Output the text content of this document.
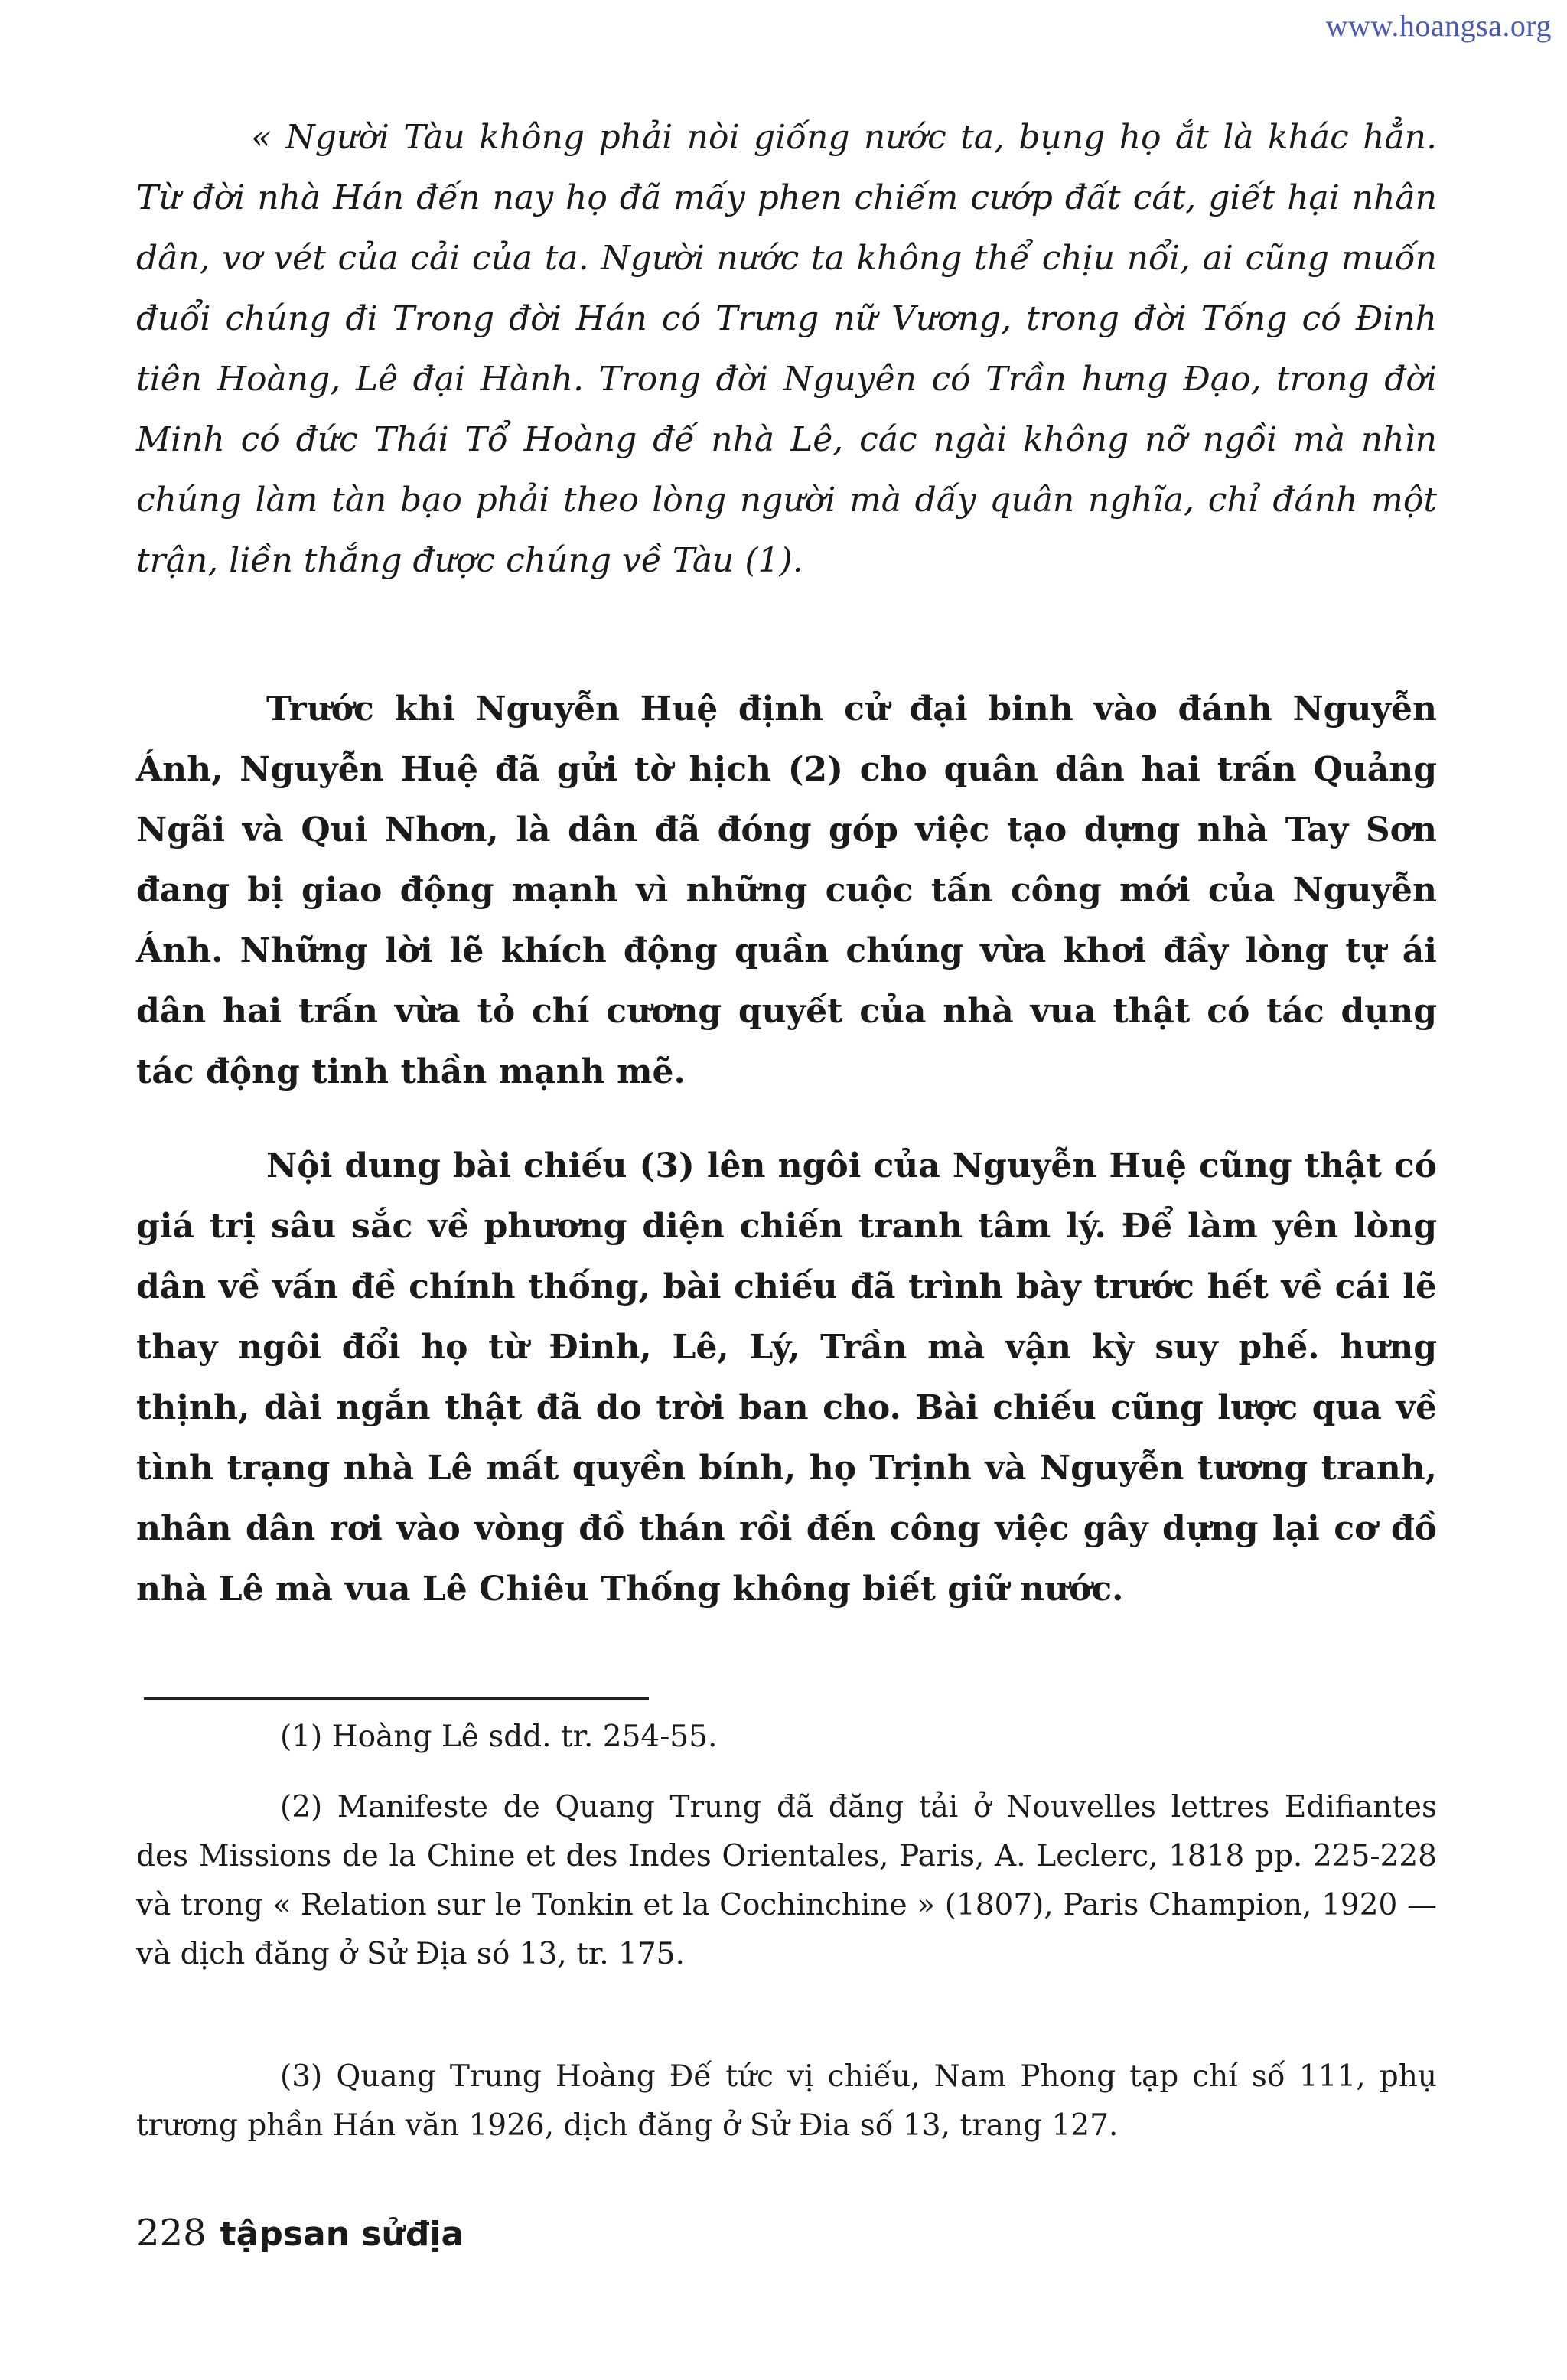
www.hoangsa.org

« Người Tàu không phải nòi giống nước ta, bụng họ ắt là khác hẳn. Từ đời nhà Hán đến nay họ đã mấy phen chiếm cướp đất cát, giết hại nhân dân, vơ vét của cải của ta. Người nước ta không thể chịu nổi, ai cũng muốn đuổi chúng đi Trong đời Hán có Trưng nữ Vương, trong đời Tống có Đinh tiên Hoàng, Lê đại Hành. Trong đời Nguyên có Trần hưng Đạo, trong đời Minh có đức Thái Tổ Hoàng đế nhà Lê, các ngài không nỡ ngồi mà nhìn chúng làm tàn bạo phải theo lòng người mà dấy quân nghĩa, chỉ đánh một trận, liền thắng được chúng về Tàu (1).

Trước khi Nguyễn Huệ định cử đại binh vào đánh Nguyễn Ánh, Nguyễn Huệ đã gửi tờ hịch (2) cho quân dân hai trấn Quảng Ngãi và Qui Nhơn, là dân đã đóng góp việc tạo dựng nhà Tay Sơn đang bị giao động mạnh vì những cuộc tấn công mới của Nguyễn Ánh. Những lời lẽ khích động quần chúng vừa khơi đầy lòng tự ái dân hai trấn vừa tỏ chí cương quyết của nhà vua thật có tác dụng tác động tinh thần mạnh mẽ.

Nội dung bài chiếu (3) lên ngôi của Nguyễn Huệ cũng thật có giá trị sâu sắc về phương diện chiến tranh tâm lý. Để làm yên lòng dân về vấn đề chính thống, bài chiếu đã trình bày trước hết về cái lẽ thay ngôi đổi họ từ Đinh, Lê, Lý, Trần mà vận kỳ suy phế. hưng thịnh, dài ngắn thật đã do trời ban cho. Bài chiếu cũng lược qua về tình trạng nhà Lê mất quyền bính, họ Trịnh và Nguyễn tương tranh, nhân dân rơi vào vòng đồ thán rồi đến công việc gây dựng lại cơ đồ nhà Lê mà vua Lê Chiêu Thống không biết giữ nước.

(1) Hoàng Lê sdd. tr. 254-55.

(2) Manifeste de Quang Trung đã đăng tải ở Nouvelles lettres Edifiantes des Missions de la Chine et des Indes Orientales, Paris, A. Leclerc, 1818 pp. 225-228 và trong « Relation sur le Tonkin et la Cochinchine » (1807), Paris Champion, 1920 — và dịch đăng ở Sử Địa só 13, tr. 175.

(3) Quang Trung Hoàng Đế tức vị chiếu, Nam Phong tạp chí số 111, phụ trương phần Hán văn 1926, dịch đăng ở Sử Đia số 13, trang 127.

228 tậpsan sửđịa
